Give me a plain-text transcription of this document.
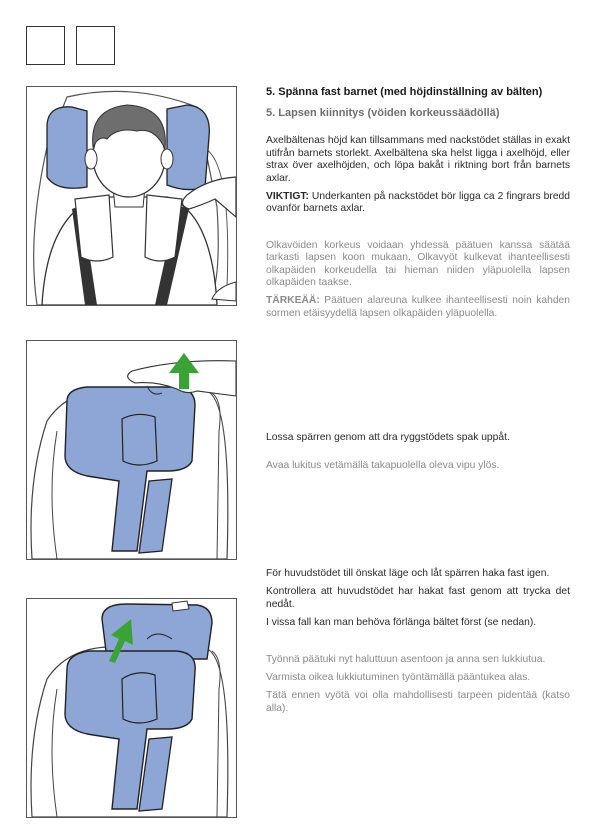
5. Spänna fast barnet (med höjdinställning av bälten)

5. Lapsen kiinnitys (vöiden korkeussäädöllä)

Axelbältenas höjd kan tillsammans med nackstödet ställas in exakt utifrån barnets storlekt. Axelbältena ska helst ligga i axelhöjd, eller strax över axelhöjden, och löpa bakåt i riktning bort från barnets axlar.

VIKTIGT: Underkanten på nackstödet bör ligga ca 2 fingrars bredd ovanför barnets axlar.

Olkavöiden korkeus voidaan yhdessä päätuen kanssa säätää tarkasti lapsen koon mukaan. Olkavyöt kulkevat ihanteellisesti olkapäiden korkeudella tai hieman niiden yläpuolella lapsen olkapäiden taakse.

TÄRKEÄÄ: Päätuen alareuna kulkee ihanteellisesti noin kahden sormen etäisyydellä lapsen olkapäiden yläpuolella.

Lossa spärren genom att dra ryggstödets spak uppåt.

Avaa lukitus vetämällä takapuolella oleva vipu ylös.

För huvudstödet till önskat läge och låt spärren haka fast igen.

Kontrollera att huvudstödet har hakat fast genom att trycka det nedåt.

I vissa fall kan man behöva förlänga bältet först (se nedan).

Työnnä päätuki nyt haluttuun asentoon ja anna sen lukkiutua.

Varmista oikea lukkiutuminen työntämällä pääntukea alas.

Tätä ennen vyötä voi olla mahdollisesti tarpeen pidentää (katso alla).
